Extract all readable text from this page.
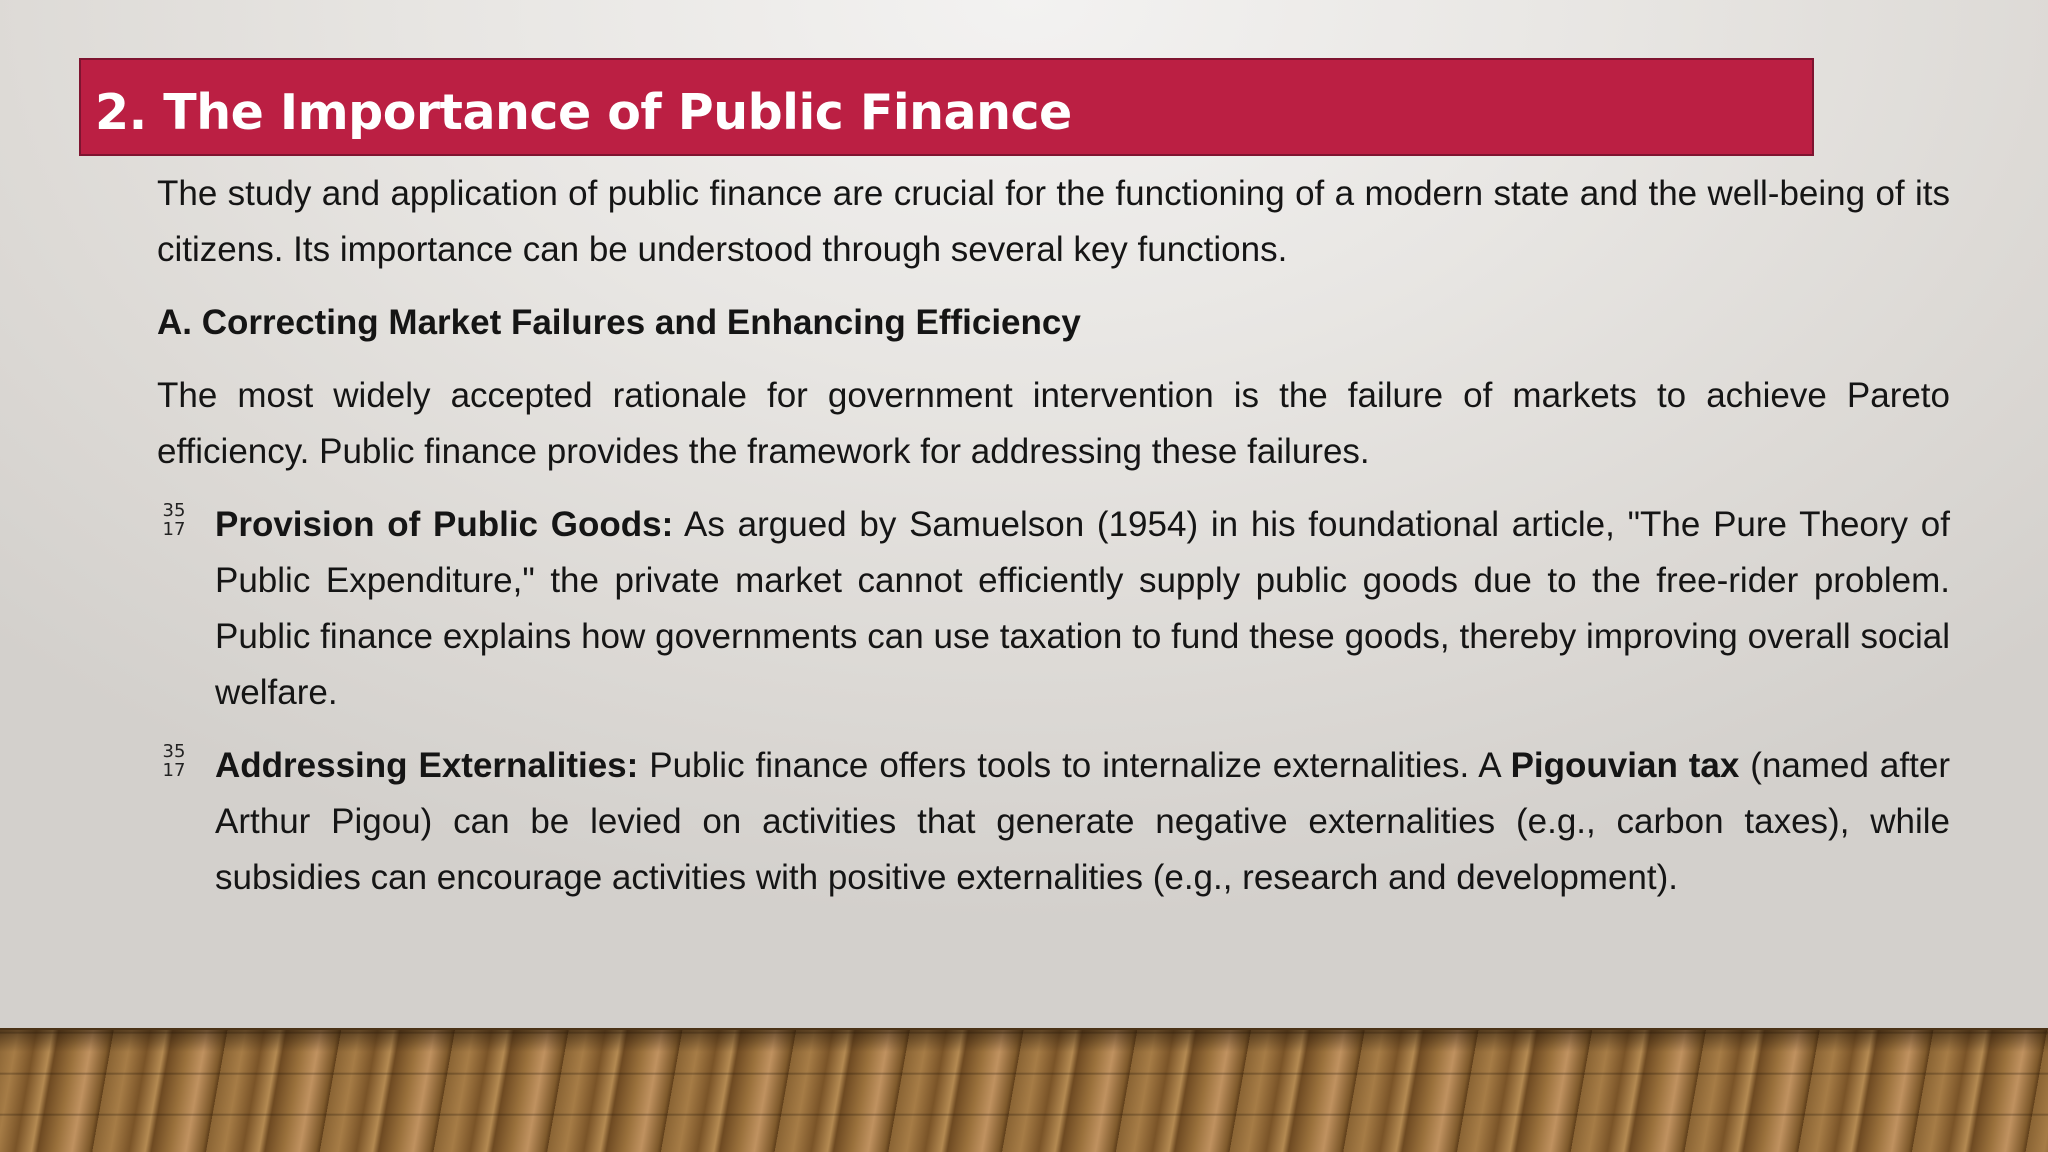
2. The Importance of Public Finance

The study and application of public finance are crucial for the functioning of a modern state and the well-being of its citizens. Its importance can be understood through several key functions.

A. Correcting Market Failures and Enhancing Efficiency

The most widely accepted rationale for government intervention is the failure of markets to achieve Pareto efficiency. Public finance provides the framework for addressing these failures.

35
17 Provision of Public Goods: As argued by Samuelson (1954) in his foundational article, "The Pure Theory of Public Expenditure," the private market cannot efficiently supply public goods due to the free-rider problem. Public finance explains how governments can use taxation to fund these goods, thereby improving overall social welfare.
35
17 Addressing Externalities: Public finance offers tools to internalize externalities. A Pigouvian tax (named after Arthur Pigou) can be levied on activities that generate negative externalities (e.g., carbon taxes), while subsidies can encourage activities with positive externalities (e.g., research and development).
